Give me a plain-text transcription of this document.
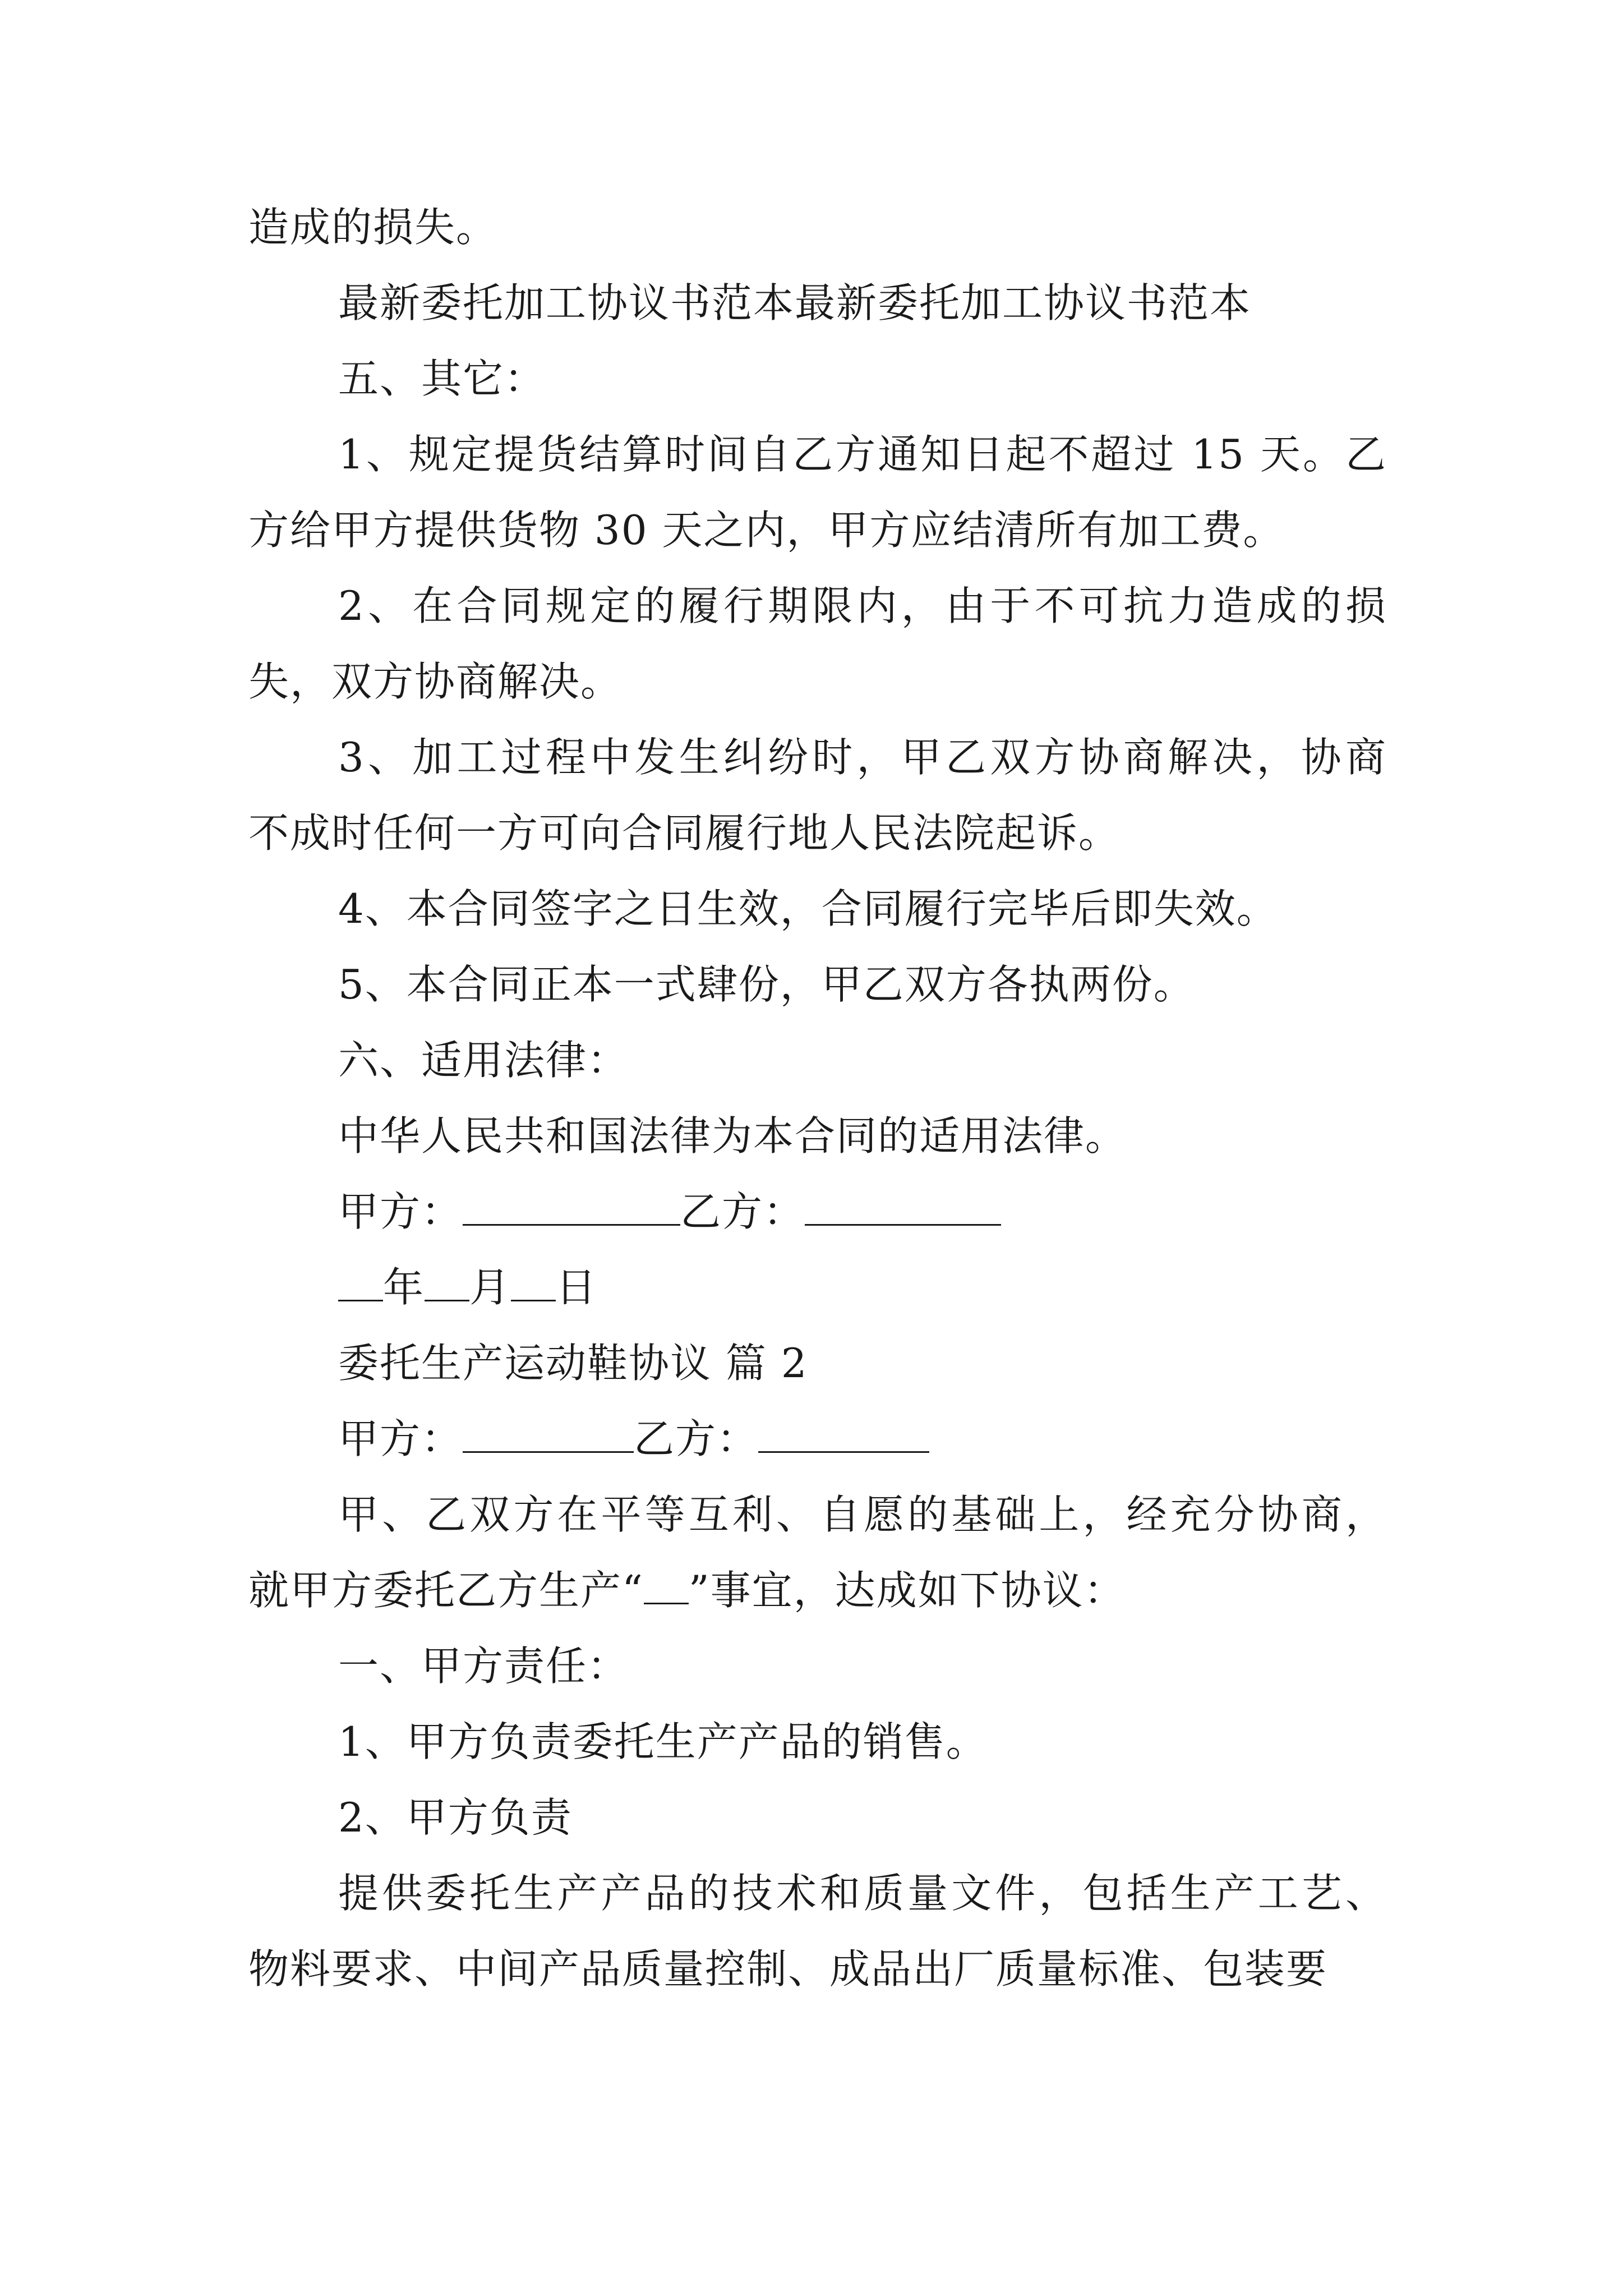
造成的损失。
最新委托加工协议书范本最新委托加工协议书范本
五、其它：
1、规定提货结算时间自乙方通知日起不超过 15 天。乙
方给甲方提供货物 30 天之内，甲方应结清所有加工费。
2、在合同规定的履行期限内，由于不可抗力造成的损
失，双方协商解决。
3、加工过程中发生纠纷时，甲乙双方协商解决，协商
不成时任何一方可向合同履行地人民法院起诉。
4、本合同签字之日生效，合同履行完毕后即失效。
5、本合同正本一式肆份，甲乙双方各执两份。
六、适用法律：
中华人民共和国法律为本合同的适用法律。
甲方：	乙方：
年 月 日
委托生产运动鞋协议 篇 2
甲方：	乙方：
甲、乙双方在平等互利、自愿的基础上，经充分协商，
就甲方委托乙方生产“ ”事宜，达成如下协议：
一、甲方责任：
1、甲方负责委托生产产品的销售。
2、甲方负责
提供委托生产产品的技术和质量文件，包括生产工艺、
物料要求、中间产品质量控制、成品出厂质量标准、包装要
